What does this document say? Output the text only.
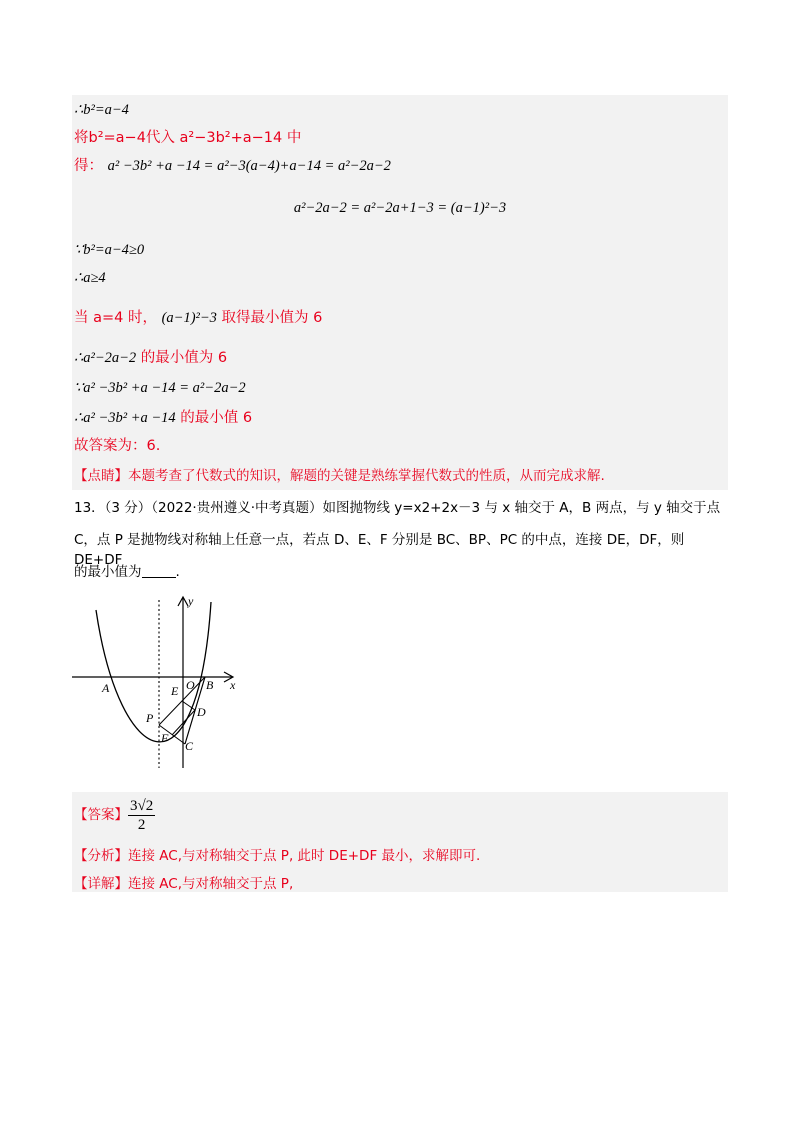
∴b²=a−4
将b²=a−4代入 a²−3b²+a−14 中
得： a² −3b² +a −14 = a²−3(a−4)+a−14 = a²−2a−2
a²−2a−2 = a²−2a+1−3 = (a−1)²−3
∵b²=a−4≥0
∴a≥4
当 a=4 时， (a−1)²−3 取得最小值为 6
∴a²−2a−2 的最小值为 6
∵a² −3b² +a −14 = a²−2a−2
∴a² −3b² +a −14 的最小值 6
故答案为：6.
【点睛】本题考查了代数式的知识，解题的关键是熟练掌握代数式的性质，从而完成求解.
13．（3 分）（2022·贵州遵义·中考真题）如图抛物线 y=x2+2x－3 与 x 轴交于 A，B 两点，与 y 轴交于点
C，点 P 是抛物线对称轴上任意一点，若点 D、E、F 分别是 BC、BP、PC 的中点，连接 DE，DF，则 DE+DF
的最小值为	.
y
x
A	O B
E
D
P
F
C
【答案】 $\frac{3√2}{2}$
【分析】连接 AC,与对称轴交于点 P, 此时 DE+DF 最小，求解即可.
【详解】连接 AC,与对称轴交于点 P,
